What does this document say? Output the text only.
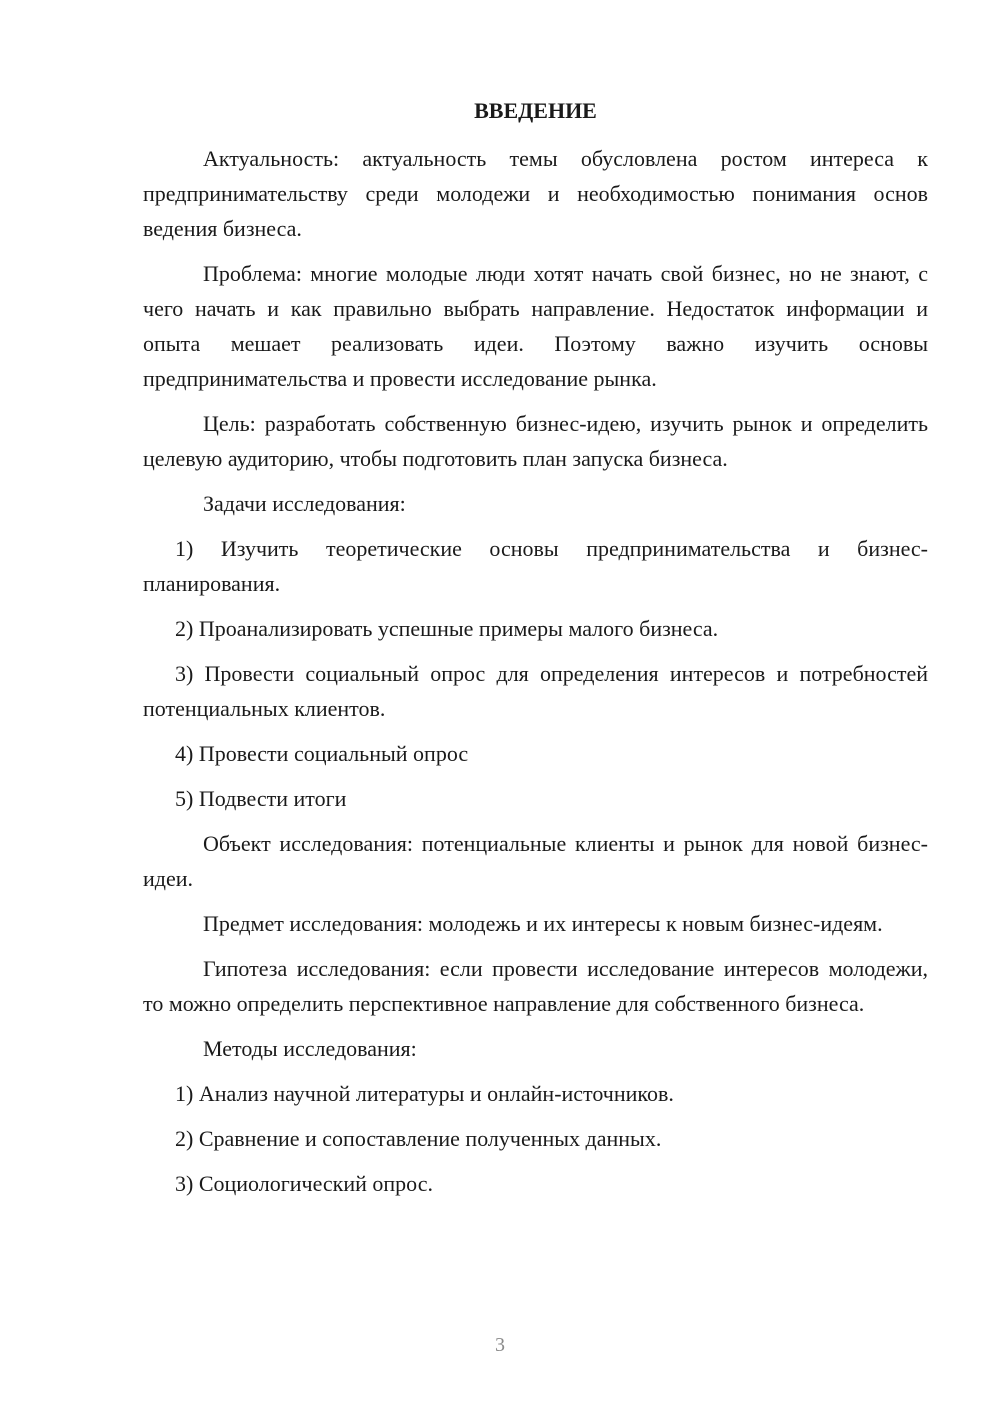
ВВЕДЕНИЕ

Актуальность: актуальность темы обусловлена ростом интереса к предпринимательству среди молодежи и необходимостью понимания основ ведения бизнеса.

Проблема: многие молодые люди хотят начать свой бизнес, но не знают, с чего начать и как правильно выбрать направление. Недостаток информации и опыта мешает реализовать идеи. Поэтому важно изучить основы предпринимательства и провести исследование рынка.

Цель: разработать собственную бизнес-идею, изучить рынок и определить целевую аудиторию, чтобы подготовить план запуска бизнеса.

Задачи исследования:

1) Изучить теоретические основы предпринимательства и бизнес-планирования.

2) Проанализировать успешные примеры малого бизнеса.

3) Провести социальный опрос для определения интересов и потребностей потенциальных клиентов.

4) Провести социальный опрос

5) Подвести итоги

Объект исследования: потенциальные клиенты и рынок для новой бизнес-идеи.

Предмет исследования: молодежь и их интересы к новым бизнес-идеям.

Гипотеза исследования: если провести исследование интересов молодежи, то можно определить перспективное направление для собственного бизнеса.

Методы исследования:

1) Анализ научной литературы и онлайн-источников.

2) Сравнение и сопоставление полученных данных.

3) Социологический опрос.

3
